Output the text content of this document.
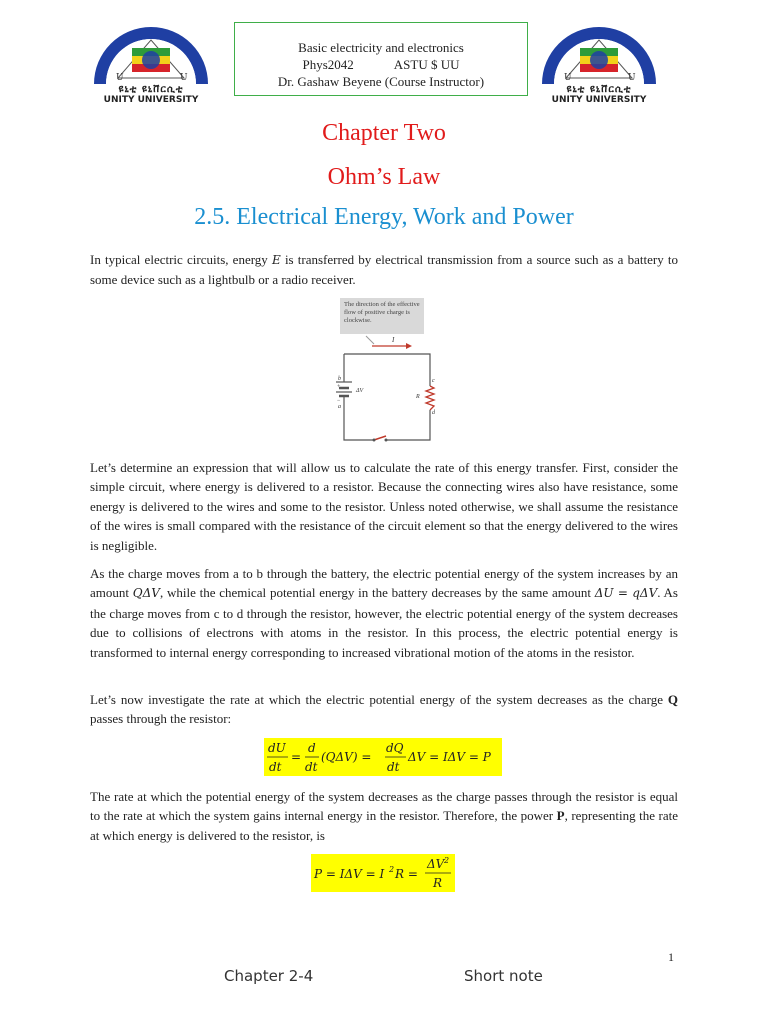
U	U
ዩኒቲ ዩኒቨርሲቲ
UNITY UNIVERSITY
Basic electricity and electronics
Phys2042	ASTU $ UU
Dr. Gashaw Beyene (Course Instructor)	U	U
ዩኒቲ ዩኒቨርሲቲ
UNITY UNIVERSITY
Chapter Two
Ohm’s Law
2.5. Electrical Energy, Work and Power
In typical electric circuits, energy E is transferred by electrical transmission from a source such as a battery to some device such as a lightbulb or a radio receiver.
I
ΔV
R
a
b	c
d
+
−
The direction of the effective flow of positive charge is clockwise.
Let’s determine an expression that will allow us to calculate the rate of this energy transfer. First, consider the simple circuit, where energy is delivered to a resistor. Because the connecting wires also have resistance, some energy is delivered to the wires and some to the resistor. Unless noted otherwise, we shall assume the resistance of the wires is small compared with the resistance of the circuit element so that the energy delivered to the wires is negligible.
As the charge moves from a to b through the battery, the electric potential energy of the system increases by an amount QΔV, while the chemical potential energy in the battery decreases by the same amount ΔU = qΔV. As the charge moves from c to d through the resistor, however, the electric potential energy of the system decreases due to collisions of electrons with atoms in the resistor. In this process, the electric potential energy is transformed to internal energy corresponding to increased vibrational motion of the atoms in the resistor.
Let’s now investigate the rate at which the electric potential energy of the system decreases as the charge Q passes through the resistor:
dU
dt
=
d
dt
(QΔV) =
dQ
dt
ΔV = IΔV = P
The rate at which the potential energy of the system decreases as the charge passes through the resistor is equal to the rate at which the system gains internal energy in the resistor. Therefore, the power P, representing the rate at which energy is delivered to the resistor, is
P = IΔV = I 2 R =
ΔV 2
R
1
Chapter 2-4	Short note
